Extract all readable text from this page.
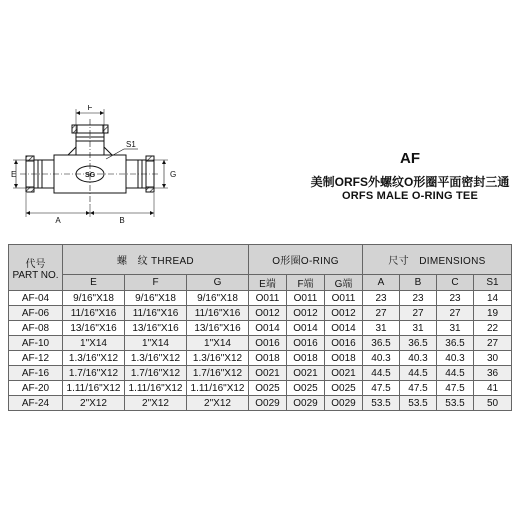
F
E	G
S1
A	B
SG
AF
美制ORFS外螺纹O形圈平面密封三通
ORFS MALE O-RING TEE
代号
PART NO.	螺　纹 THREAD			O形圈O-RING			尺寸　DIMENSIONS			
	E	F	G	E端	F端	G端	A	B	C	S1
AF-04	9/16"X18	9/16"X18	9/16"X18	O011	O011	O011	23	23	23	14
AF-06	11/16"X16	11/16"X16	11/16"X16	O012	O012	O012	27	27	27	19
AF-08	13/16"X16	13/16"X16	13/16"X16	O014	O014	O014	31	31	31	22
AF-10	1"X14	1"X14	1"X14	O016	O016	O016	36.5	36.5	36.5	27
AF-12	1.3/16"X12	1.3/16"X12	1.3/16"X12	O018	O018	O018	40.3	40.3	40.3	30
AF-16	1.7/16"X12	1.7/16"X12	1.7/16"X12	O021	O021	O021	44.5	44.5	44.5	36
AF-20	1.11/16"X12	1.11/16"X12	1.11/16"X12	O025	O025	O025	47.5	47.5	47.5	41
AF-24	2"X12	2"X12	2"X12	O029	O029	O029	53.5	53.5	53.5	50
